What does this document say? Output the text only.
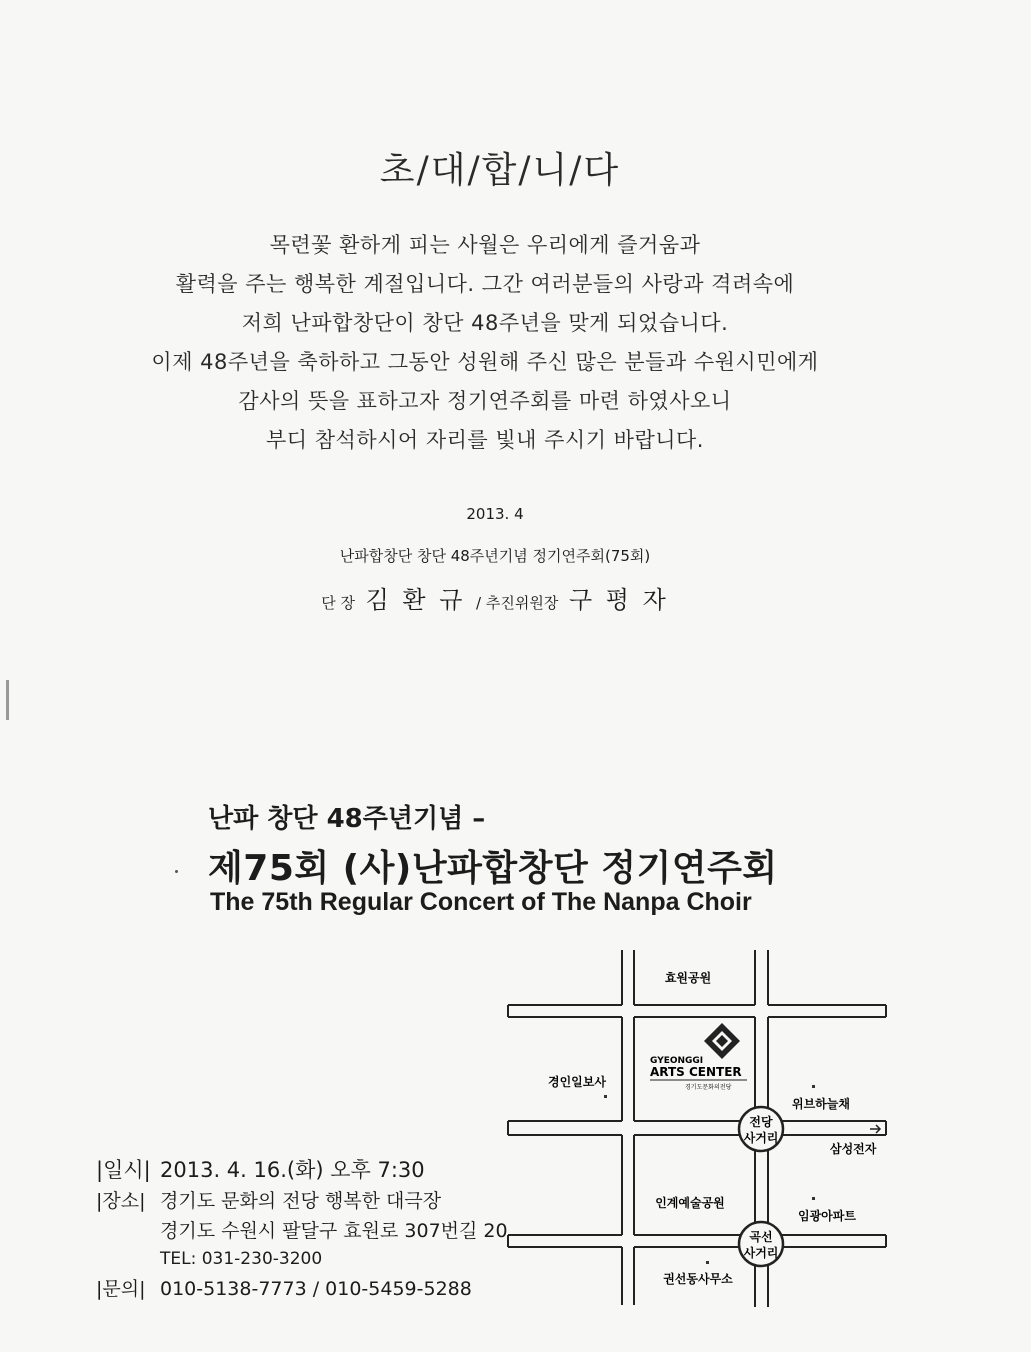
초/대/합/니/다
목련꽃 환하게 피는 사월은 우리에게 즐거움과
활력을 주는 행복한 계절입니다. 그간 여러분들의 사랑과 격려속에
저희 난파합창단이 창단 48주년을 맞게 되었습니다.
이제 48주년을 축하하고 그동안 성원해 주신 많은 분들과 수원시민에게
감사의 뜻을 표하고자 정기연주회를 마련 하였사오니
부디 참석하시어 자리를 빛내 주시기 바랍니다.
2013. 4
난파합창단 창단 48주년기념 정기연주회(75회)
단 장 김 환 규 / 추진위원장 구 평 자
난파 창단 48주년기념 –
제75회 (사)난파합창단 정기연주회
The 75th Regular Concert of The Nanpa Choir
|일시| 2013. 4. 16.(화) 오후 7:30
|장소| 경기도 문화의 전당 행복한 대극장
경기도 수원시 팔달구 효원로 307번길 20
TEL: 031-230-3200
|문의| 010-5138-7773 / 010-5459-5288
전당
사거리
곡선
사거리
GYEONGGI
ARTS CENTER
경기도문화의전당
효원공원
경인일보사
위브하늘채
삼성전자
인계예술공원
임광아파트
권선동사무소
